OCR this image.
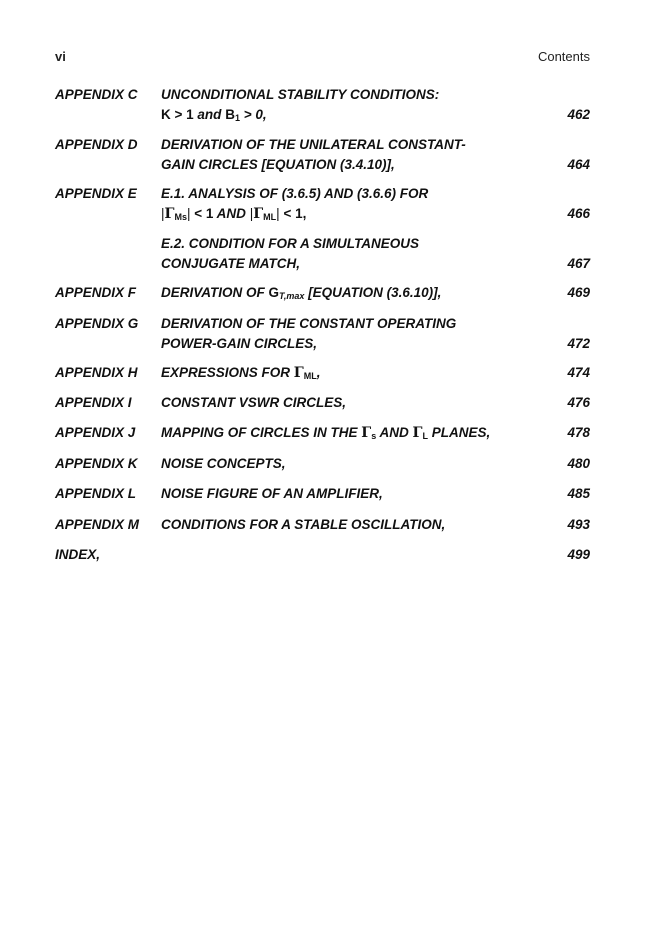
vi	Contents
APPENDIX C UNCONDITIONAL STABILITY CONDITIONS:
K > 1 and $B_1 > 0$,	462
APPENDIX D DERIVATION OF THE UNILATERAL CONSTANT-
GAIN CIRCLES [EQUATION (3.4.10)],	464
APPENDIX E E.1. ANALYSIS OF (3.6.5) AND (3.6.6) FOR
$|\Gamma_{Ms}| < 1$ AND $|\Gamma_{ML}| < 1$,	466
E.2. CONDITION FOR A SIMULTANEOUS
CONJUGATE MATCH,	467
APPENDIX F DERIVATION OF GT,max [EQUATION (3.6.10)],	469
APPENDIX G DERIVATION OF THE CONSTANT OPERATING
POWER-GAIN CIRCLES,	472
APPENDIX H EXPRESSIONS FOR $\Gamma_{ML}$,	474
APPENDIX I CONSTANT VSWR CIRCLES,	476
APPENDIX J MAPPING OF CIRCLES IN THE $\Gamma_s$ AND $\Gamma_L$ PLANES,	478
APPENDIX K NOISE CONCEPTS,	480
APPENDIX L NOISE FIGURE OF AN AMPLIFIER,	485
APPENDIX M CONDITIONS FOR A STABLE OSCILLATION,	493
INDEX,	499
